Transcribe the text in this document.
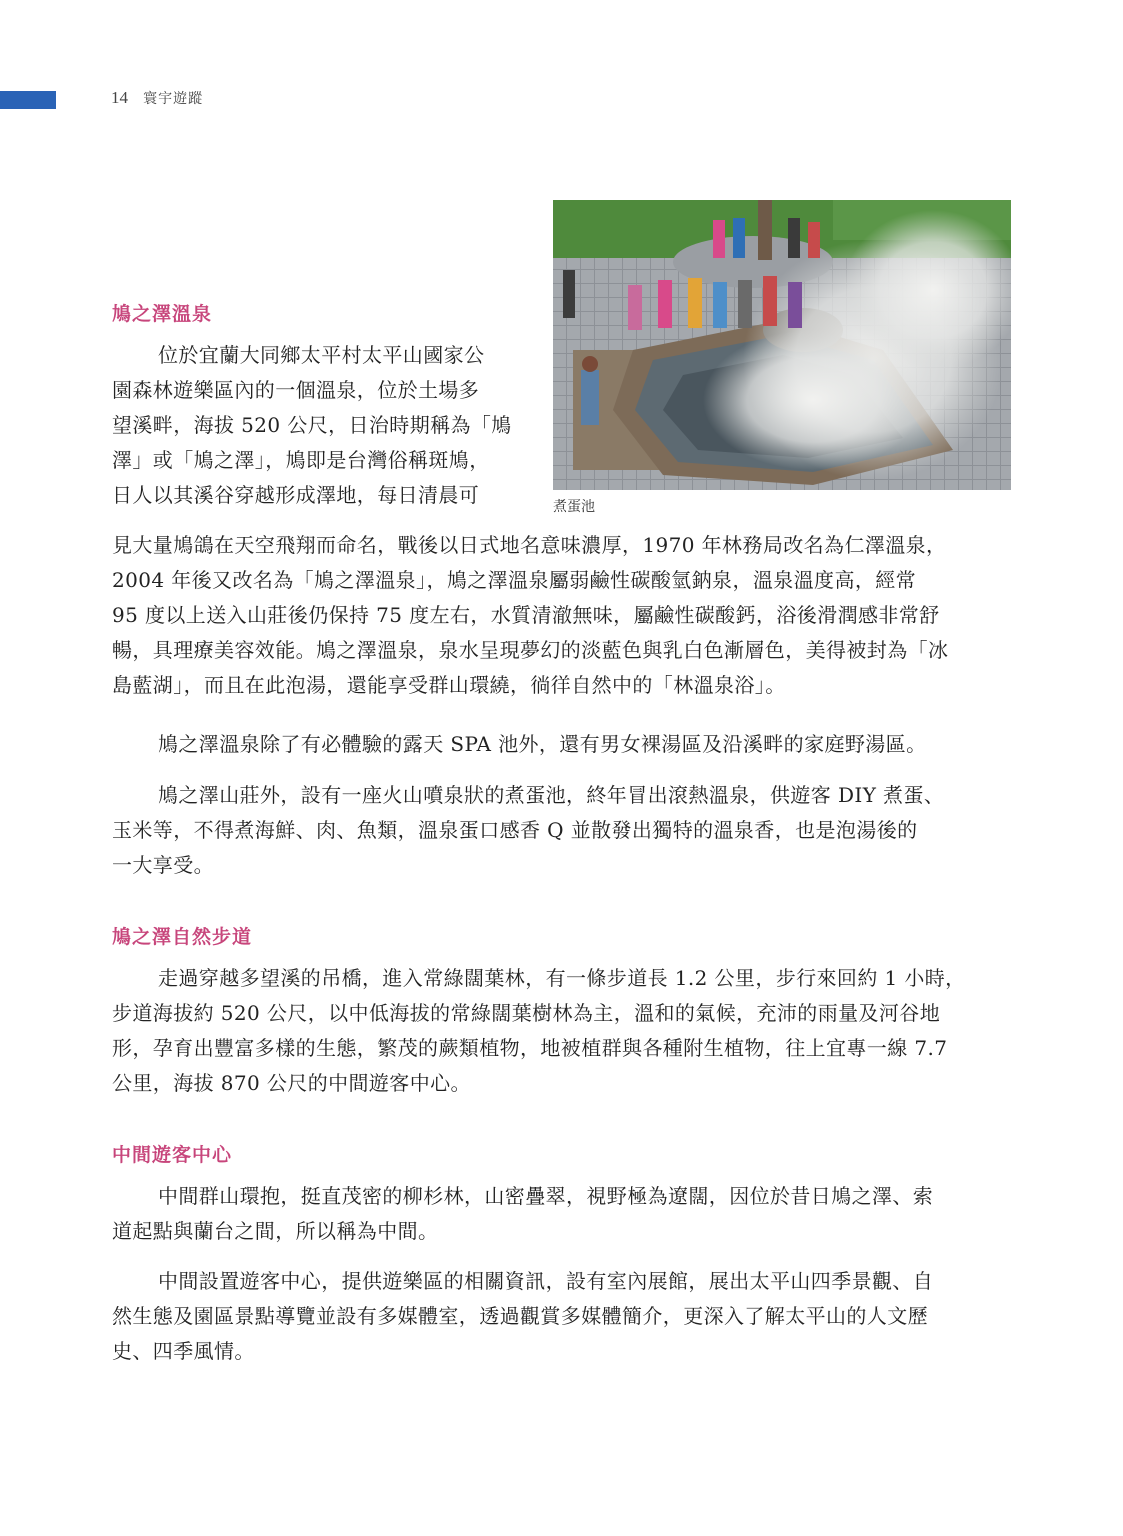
14 寰宇遊蹤
鳩之澤溫泉

位於宜蘭大同鄉太平村太平山國家公
園森林遊樂區內的一個溫泉，位於土場多
望溪畔，海拔 520 公尺，日治時期稱為「鳩
澤」或「鳩之澤」，鳩即是台灣俗稱斑鳩，
日人以其溪谷穿越形成澤地，每日清晨可	煮蛋池

見大量鳩鴿在天空飛翔而命名，戰後以日式地名意味濃厚，1970 年林務局改名為仁澤溫泉，
2004 年後又改名為「鳩之澤溫泉」，鳩之澤溫泉屬弱鹼性碳酸氫鈉泉，溫泉溫度高，經常
95 度以上送入山莊後仍保持 75 度左右，水質清澈無味，屬鹼性碳酸鈣，浴後滑潤感非常舒
暢，具理療美容效能。鳩之澤溫泉，泉水呈現夢幻的淡藍色與乳白色漸層色，美得被封為「冰
島藍湖」，而且在此泡湯，還能享受群山環繞，徜徉自然中的「林溫泉浴」。

鳩之澤溫泉除了有必體驗的露天 SPA 池外，還有男女裸湯區及沿溪畔的家庭野湯區。

鳩之澤山莊外，設有一座火山噴泉狀的煮蛋池，終年冒出滾熱溫泉，供遊客 DIY 煮蛋、
玉米等，不得煮海鮮、肉、魚類，溫泉蛋口感香 Q 並散發出獨特的溫泉香，也是泡湯後的
一大享受。

鳩之澤自然步道

走過穿越多望溪的吊橋，進入常綠闊葉林，有一條步道長 1.2 公里，步行來回約 1 小時，
步道海拔約 520 公尺，以中低海拔的常綠闊葉樹林為主，溫和的氣候，充沛的雨量及河谷地
形，孕育出豐富多樣的生態，繁茂的蕨類植物，地被植群與各種附生植物，往上宜專一線 7.7
公里，海拔 870 公尺的中間遊客中心。

中間遊客中心

中間群山環抱，挺直茂密的柳杉林，山密疊翠，視野極為遼闊，因位於昔日鳩之澤、索
道起點與蘭台之間，所以稱為中間。

中間設置遊客中心，提供遊樂區的相關資訊，設有室內展館，展出太平山四季景觀、自
然生態及園區景點導覽並設有多媒體室，透過觀賞多媒體簡介，更深入了解太平山的人文歷
史、四季風情。
